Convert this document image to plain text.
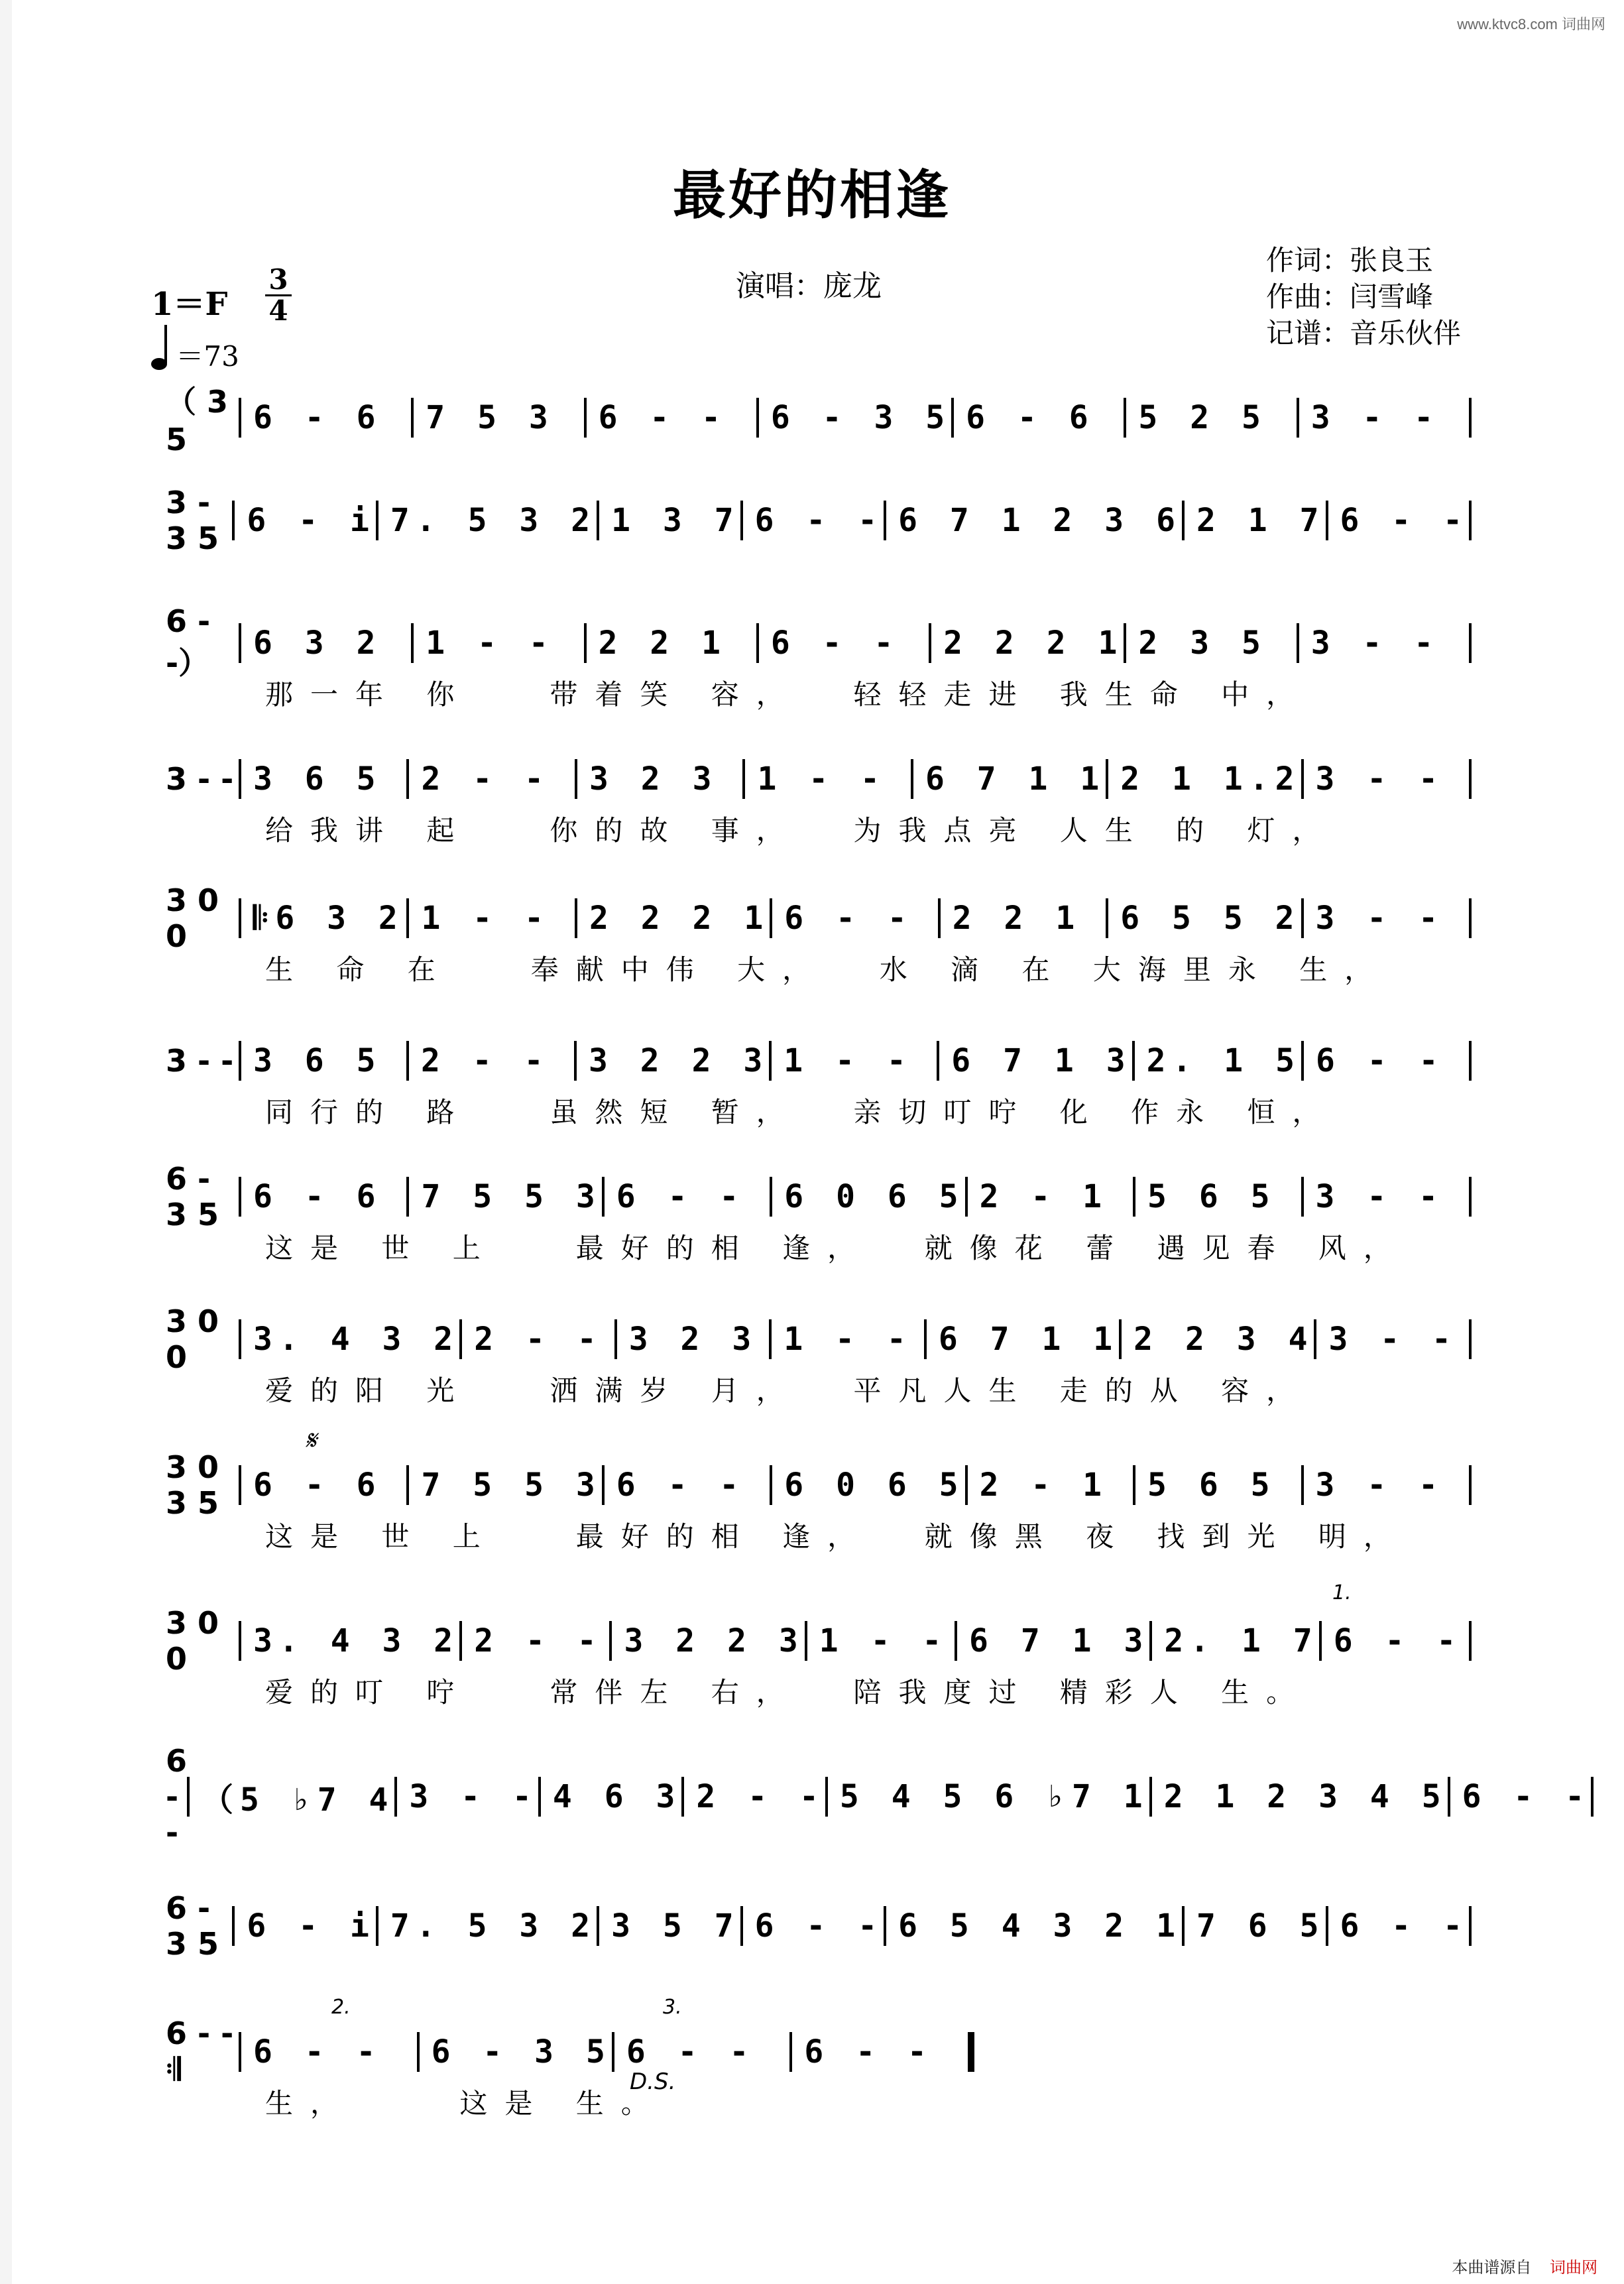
www.ktvc8.com 词曲网
最好的相逢
1＝F
3
4
＝73
演唱：庞龙
作词：张良玉
作曲：闫雪峰
记谱：音乐伙伴
（ 3 5
6 - 6 7 5 3 6 - - 6 - 3 5 6 - 6 5 2 5 3 - -
3 - 3 5 6 - i 7. 5 3 2 1 3 7 6 - - 6 7 1 2 3 6 2 1 7 6 - -
6 - -）
6 3 2 1 - - 2 2 1 6 - - 2 2 2 1 2 3 5 3 - -
那一年 你   带着笑 容，  轻轻走进 我生命 中，
3 - - 3 6 5 2 - - 3 2 3 1 - - 6 7 1 1 2 1 1.2 3 - -
给我讲 起   你的故 事，  为我点亮 人生 的 灯，
3 0 0	𝄆6 3 2 1 - - 2 2 2 1 6 - - 2 2 1 6 5 5 2 3 - -
生 命 在   奉献中伟 大，  水 滴 在 大海里永 生，
3 - - 3 6 5 2 - - 3 2 2 3 1 - - 6 7 1 3 2. 1 5 6 - -
同行的 路   虽然短 暂，  亲切叮咛 化 作永 恒，
6 - 3 5	6 - 6 7 5 5 3 6 - - 6 0 6 5 2 - 1 5 6 5 3 - -
这是 世 上   最好的相 逢，  就像花 蕾 遇见春 风，
3 0 0	3. 4 3 2 2 - - 3 2 3 1 - - 6 7 1 1 2 2 3 4 3 - -
爱的阳 光   洒满岁 月，  平凡人生 走的从 容，
3 0 3 5	6 - 6 7 5 5 3 6 - - 6 0 6 5 2 - 1 5 6 5 3 - -
这是 世 上   最好的相 逢，  就像黑 夜 找到光 明，
3 0 0	3. 4 3 2 2 - - 3 2 2 3 1 - - 6 7 1 3 2. 1 7 6 - -
爱的叮 咛   常伴左 右，  陪我度过 精彩人 生。
6 - -
（5 ♭7 4 3 - - 4 6 3 2 - - 5 4 5 6 ♭7 1 2 1 2 3 4 5 6 - -
6 - 3 5 6 - i 7. 5 3 2 3 5 7 6 - - 6 5 4 3 2 1 7 6 5 6 - -
6 - - 𝄇	6 - - 6 - 3 5 6 - - 6 - -
生，    这是 生。
D.S.
𝄋
1.
2.	3.
本曲谱源自 词曲网
